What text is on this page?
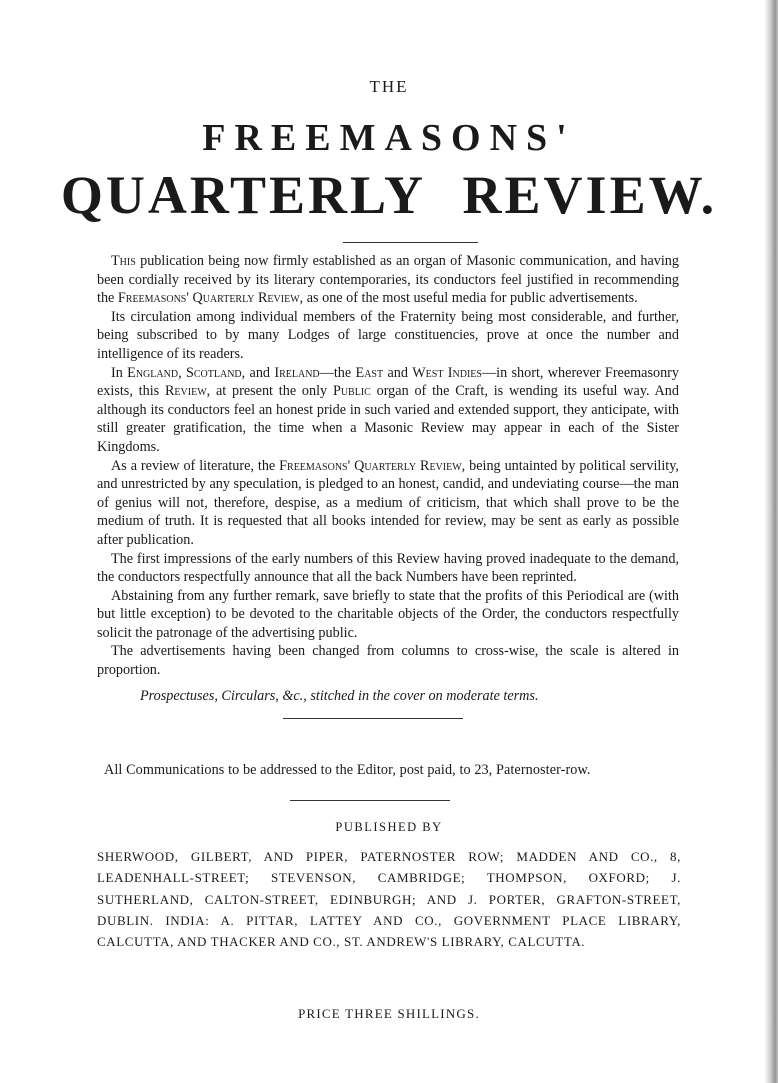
THE
FREEMASONS'
QUARTERLY REVIEW.

This publication being now firmly established as an organ of Masonic communication, and having been cordially received by its literary contemporaries, its conductors feel justified in recommending the Freemasons' Quarterly Review, as one of the most useful media for public advertisements.

Its circulation among individual members of the Fraternity being most considerable, and further, being subscribed to by many Lodges of large constituencies, prove at once the number and intelligence of its readers.

In England, Scotland, and Ireland—the East and West Indies—in short, wherever Freemasonry exists, this Review, at present the only Public organ of the Craft, is wending its useful way. And although its conductors feel an honest pride in such varied and extended support, they anticipate, with still greater gratification, the time when a Masonic Review may appear in each of the Sister Kingdoms.

As a review of literature, the Freemasons' Quarterly Review, being untainted by political servility, and unrestricted by any speculation, is pledged to an honest, candid, and undeviating course—the man of genius will not, therefore, despise, as a medium of criticism, that which shall prove to be the medium of truth. It is requested that all books intended for review, may be sent as early as possible after publication.

The first impressions of the early numbers of this Review having proved inadequate to the demand, the conductors respectfully announce that all the back Numbers have been reprinted.

Abstaining from any further remark, save briefly to state that the profits of this Periodical are (with but little exception) to be devoted to the charitable objects of the Order, the conductors respectfully solicit the patronage of the advertising public.

The advertisements having been changed from columns to cross-wise, the scale is altered in proportion.

Prospectuses, Circulars, &c., stitched in the cover on moderate terms.
All Communications to be addressed to the Editor, post paid, to 23, Paternoster-row.
PUBLISHED BY
SHERWOOD, GILBERT, AND PIPER, PATERNOSTER ROW; MADDEN AND CO., 8, LEADENHALL-STREET; STEVENSON, CAMBRIDGE; THOMPSON, OXFORD; J. SUTHERLAND, CALTON-STREET, EDINBURGH; AND J. PORTER, GRAFTON-STREET, DUBLIN. INDIA: A. PITTAR, LATTEY AND CO., GOVERNMENT PLACE LIBRARY, CALCUTTA, AND THACKER AND CO., ST. ANDREW'S LIBRARY, CALCUTTA.
PRICE THREE SHILLINGS.
